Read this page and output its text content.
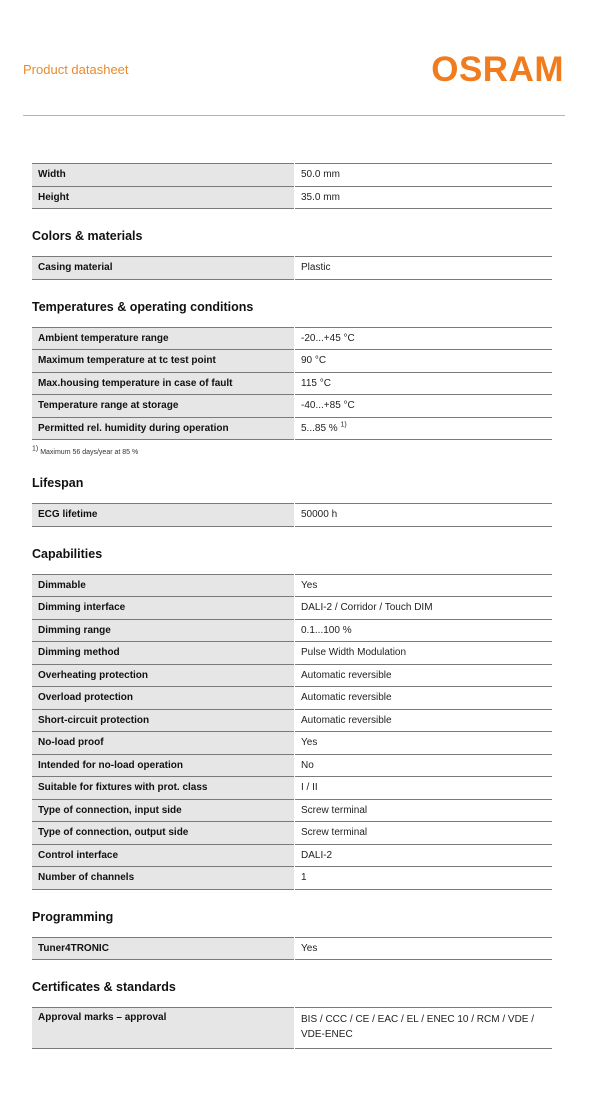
Product datasheet	OSRAM
Width	50.0 mm
Height	35.0 mm
Colors & materials
Casing material	Plastic
Temperatures & operating conditions
Ambient temperature range	-20...+45 °C
Maximum temperature at tc test point	90 °C
Max.housing temperature in case of fault	115 °C
Temperature range at storage	-40...+85 °C
Permitted rel. humidity during operation	5...85 % $^{1)}$
$^{1)}$ Maximum 56 days/year at 85 %
Lifespan
ECG lifetime	50000 h
Capabilities
Dimmable	Yes
Dimming interface	DALI-2 / Corridor / Touch DIM
Dimming range	0.1...100 %
Dimming method	Pulse Width Modulation
Overheating protection	Automatic reversible
Overload protection	Automatic reversible
Short-circuit protection	Automatic reversible
No-load proof	Yes
Intended for no-load operation	No
Suitable for fixtures with prot. class	I / II
Type of connection, input side	Screw terminal
Type of connection, output side	Screw terminal
Control interface	DALI-2
Number of channels	1
Programming
Tuner4TRONIC	Yes
Certificates & standards
Approval marks – approval	BIS / CCC / CE / EAC / EL / ENEC 10 / RCM / VDE / VDE-ENEC
